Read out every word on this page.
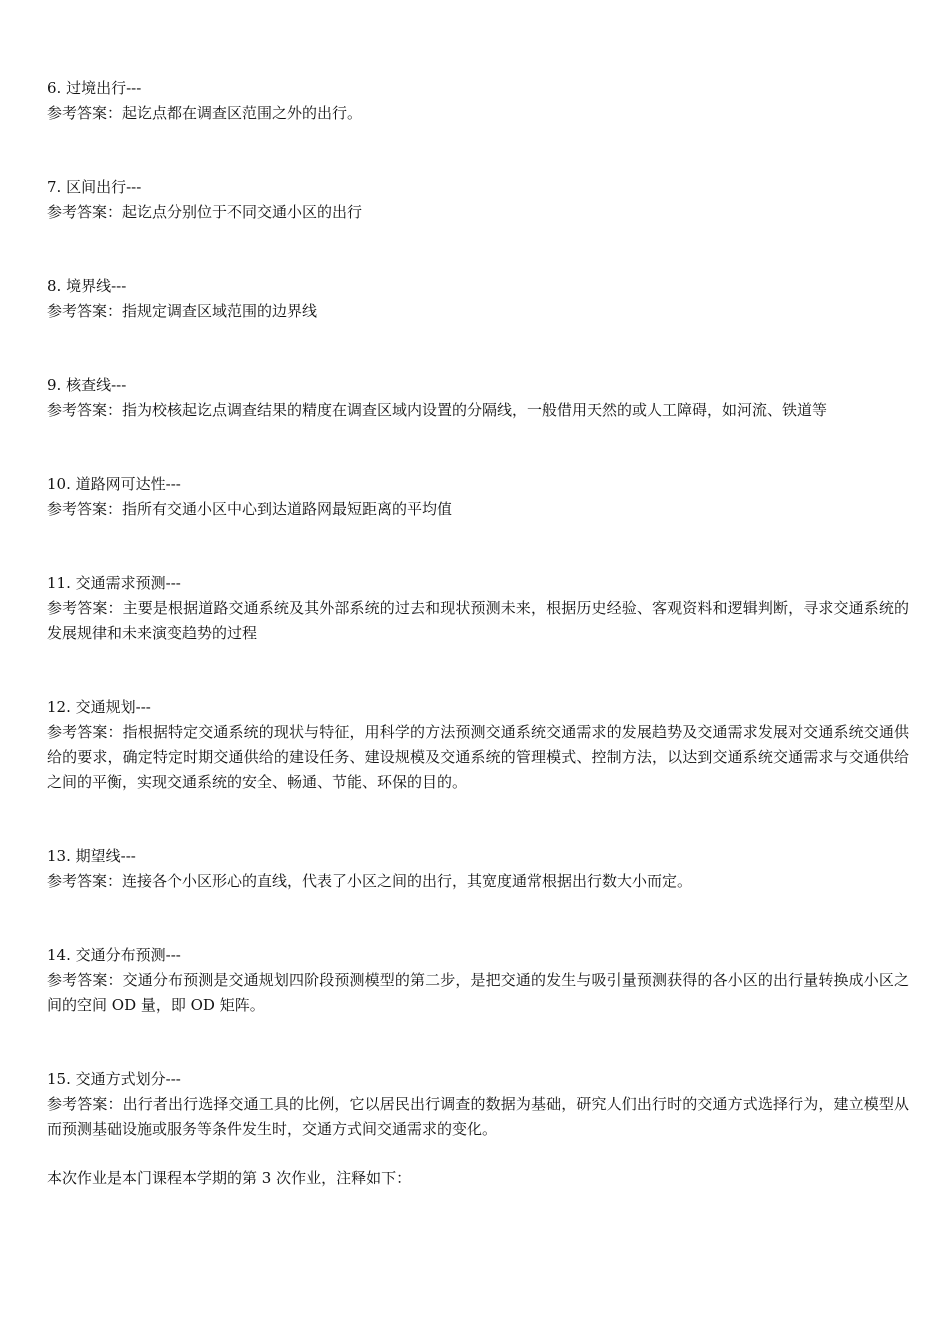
6. 过境出行---

参考答案：起讫点都在调查区范围之外的出行。

7. 区间出行---

参考答案：起讫点分别位于不同交通小区的出行

8. 境界线---

参考答案：指规定调查区域范围的边界线

9. 核查线---

参考答案：指为校核起讫点调查结果的精度在调查区域内设置的分隔线，一般借用天然的或人工障碍，如河流、铁道等

10. 道路网可达性---

参考答案：指所有交通小区中心到达道路网最短距离的平均值

11. 交通需求预测---

参考答案：主要是根据道路交通系统及其外部系统的过去和现状预测未来，根据历史经验、客观资料和逻辑判断，寻求交通系统的发展规律和未来演变趋势的过程

12. 交通规划---

参考答案：指根据特定交通系统的现状与特征，用科学的方法预测交通系统交通需求的发展趋势及交通需求发展对交通系统交通供给的要求，确定特定时期交通供给的建设任务、建设规模及交通系统的管理模式、控制方法，以达到交通系统交通需求与交通供给之间的平衡，实现交通系统的安全、畅通、节能、环保的目的。

13. 期望线---

参考答案：连接各个小区形心的直线，代表了小区之间的出行，其宽度通常根据出行数大小而定。

14. 交通分布预测---

参考答案：交通分布预测是交通规划四阶段预测模型的第二步，是把交通的发生与吸引量预测获得的各小区的出行量转换成小区之间的空间 OD 量，即 OD 矩阵。

15. 交通方式划分---

参考答案：出行者出行选择交通工具的比例，它以居民出行调查的数据为基础，研究人们出行时的交通方式选择行为，建立模型从而预测基础设施或服务等条件发生时，交通方式间交通需求的变化。

本次作业是本门课程本学期的第 3 次作业，注释如下：
